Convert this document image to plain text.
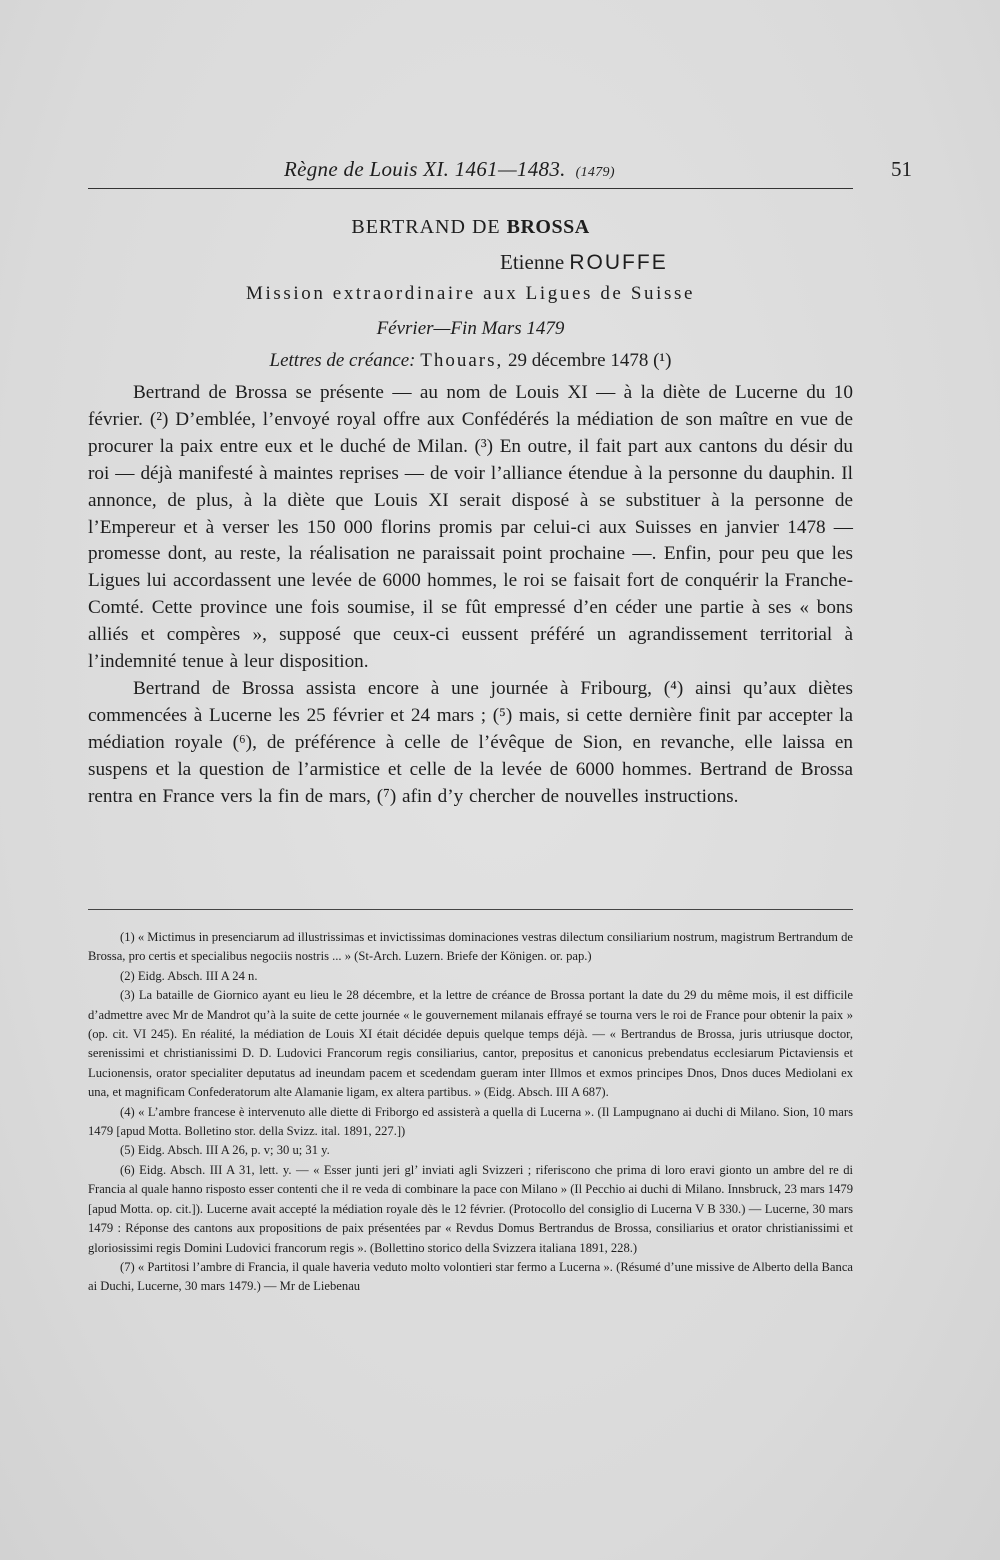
Règne de Louis XI. 1461—1483. (1479)	51
BERTRAND DE BROSSA
Etienne ROUFFE
Mission extraordinaire aux Ligues de Suisse
Février—Fin Mars 1479
Lettres de créance: Thouars, 29 décembre 1478 (¹)

Bertrand de Brossa se présente — au nom de Louis XI — à la diète de Lucerne du 10 février. (²) D’emblée, l’envoyé royal offre aux Confédérés la médiation de son maître en vue de procurer la paix entre eux et le duché de Milan. (³) En outre, il fait part aux cantons du désir du roi — déjà manifesté à maintes reprises — de voir l’alliance étendue à la personne du dauphin. Il annonce, de plus, à la diète que Louis XI serait disposé à se substituer à la personne de l’Empereur et à verser les 150 000 florins promis par celui-ci aux Suisses en janvier 1478 — promesse dont, au reste, la réalisation ne paraissait point prochaine —. Enfin, pour peu que les Ligues lui accordassent une levée de 6000 hommes, le roi se faisait fort de conquérir la Franche-Comté. Cette province une fois soumise, il se fût empressé d’en céder une partie à ses « bons alliés et compères », supposé que ceux-ci eussent préféré un agrandissement territorial à l’indemnité tenue à leur disposition.

Bertrand de Brossa assista encore à une journée à Fribourg, (⁴) ainsi qu’aux diètes commencées à Lucerne les 25 février et 24 mars ; (⁵) mais, si cette dernière finit par accepter la médiation royale (⁶), de préférence à celle de l’évêque de Sion, en revanche, elle laissa en suspens et la question de l’armistice et celle de la levée de 6000 hommes. Bertrand de Brossa rentra en France vers la fin de mars, (⁷) afin d’y chercher de nouvelles instructions.

(1) « Mictimus in presenciarum ad illustrissimas et invictissimas dominaciones vestras dilectum consiliarium nostrum, magistrum Bertrandum de Brossa, pro certis et specialibus negociis nostris ... » (St-Arch. Luzern. Briefe der Königen. or. pap.)

(2) Eidg. Absch. III A 24 n.

(3) La bataille de Giornico ayant eu lieu le 28 décembre, et la lettre de créance de Brossa portant la date du 29 du même mois, il est difficile d’admettre avec Mr de Mandrot qu’à la suite de cette journée « le gouvernement milanais effrayé se tourna vers le roi de France pour obtenir la paix » (op. cit. VI 245). En réalité, la médiation de Louis XI était décidée depuis quelque temps déjà. — « Bertrandus de Brossa, juris utriusque doctor, serenissimi et christianissimi D. D. Ludovici Francorum regis consiliarius, cantor, prepositus et canonicus prebendatus ecclesiarum Pictaviensis et Lucionensis, orator specialiter deputatus ad ineundam pacem et scedendam gueram inter Illmos et exmos principes Dnos, Dnos duces Mediolani ex una, et magnificam Confederatorum alte Alamanie ligam, ex altera partibus. » (Eidg. Absch. III A 687).

(4) « L’ambre francese è intervenuto alle diette di Friborgo ed assisterà a quella di Lucerna ». (Il Lampugnano ai duchi di Milano. Sion, 10 mars 1479 [apud Motta. Bolletino stor. della Svizz. ital. 1891, 227.])

(5) Eidg. Absch. III A 26, p. v; 30 u; 31 y.

(6) Eidg. Absch. III A 31, lett. y. — « Esser junti jeri gl’ inviati agli Svizzeri ; riferiscono che prima di loro eravi gionto un ambre del re di Francia al quale hanno risposto esser contenti che il re veda di combinare la pace con Milano » (Il Pecchio ai duchi di Milano. Innsbruck, 23 mars 1479 [apud Motta. op. cit.]). Lucerne avait accepté la médiation royale dès le 12 février. (Protocollo del consiglio di Lucerna V B 330.) — Lucerne, 30 mars 1479 : Réponse des cantons aux propositions de paix présentées par « Revdus Domus Bertrandus de Brossa, consiliarius et orator christianissimi et gloriosissimi regis Domini Ludovici francorum regis ». (Bollettino storico della Svizzera italiana 1891, 228.)

(7) « Partitosi l’ambre di Francia, il quale haveria veduto molto volontieri star fermo a Lucerna ». (Résumé d’une missive de Alberto della Banca ai Duchi, Lucerne, 30 mars 1479.) — Mr de Liebenau
